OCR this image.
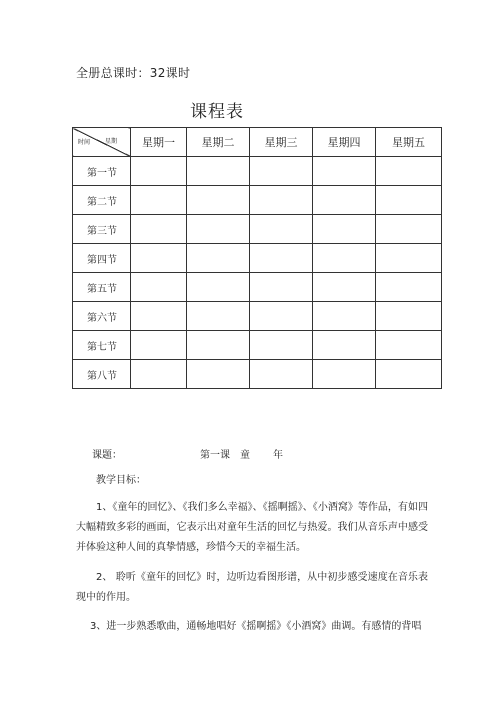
全册总课时：32课时
课程表
时间 星期	星期一	星期二	星期三	星期四	星期五
第一节					
第二节					
第三节					
第四节					
第五节					
第六节					
第七节					
第八节					
课题：	第一课 童 年
教学目标：

1、《童年的回忆》、《我们多么幸福》、《摇啊摇》、《小酒窝》等作品，有如四大幅精致多彩的画面，它表示出对童年生活的回忆与热爱。我们从音乐声中感受并体验这种人间的真挚情感，珍惜今天的幸福生活。

2、 聆听《童年的回忆》时，边听边看图形谱，从中初步感受速度在音乐表现中的作用。

3、进一步熟悉歌曲，通畅地唱好《摇啊摇》《小酒窝》曲调。有感情的背唱
